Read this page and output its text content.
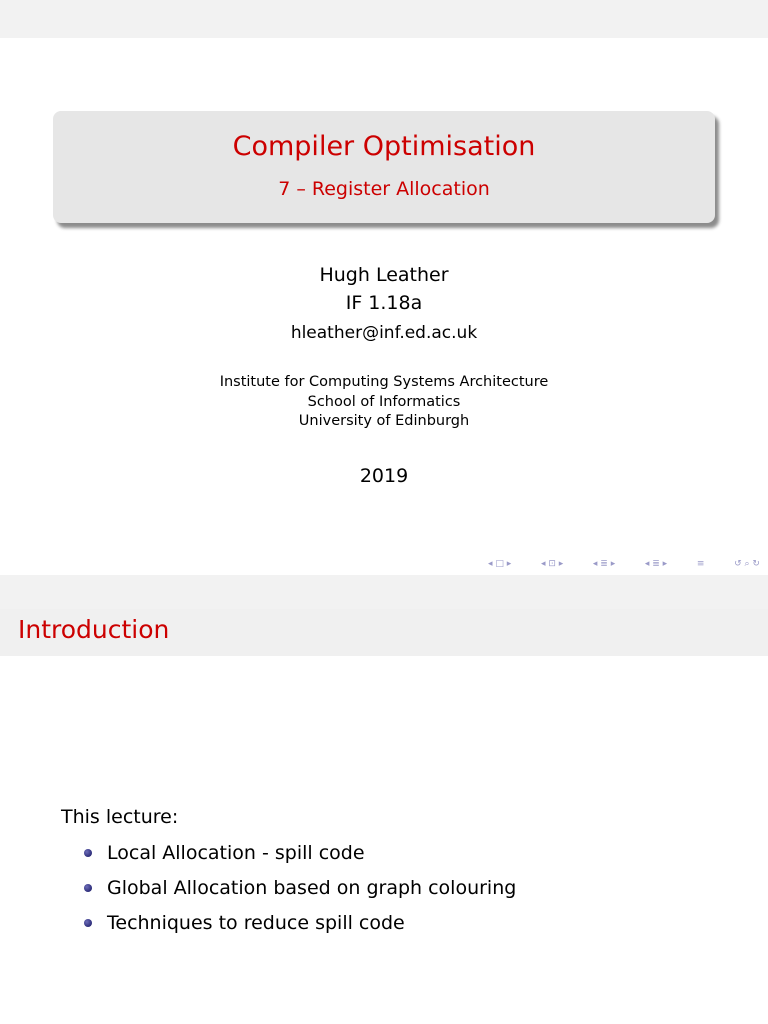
Compiler Optimisation
7 – Register Allocation
Hugh Leather
IF 1.18a
hleather@inf.ed.ac.uk
Institute for Computing Systems Architecture
School of Informatics
University of Edinburgh
2019
◂ □ ▸	◂ ⊡ ▸	◂ ≣ ▸	◂ ≣ ▸	≡	↺ ⌕ ↻
Introduction
This lecture:
Local Allocation - spill code
Global Allocation based on graph colouring
Techniques to reduce spill code
